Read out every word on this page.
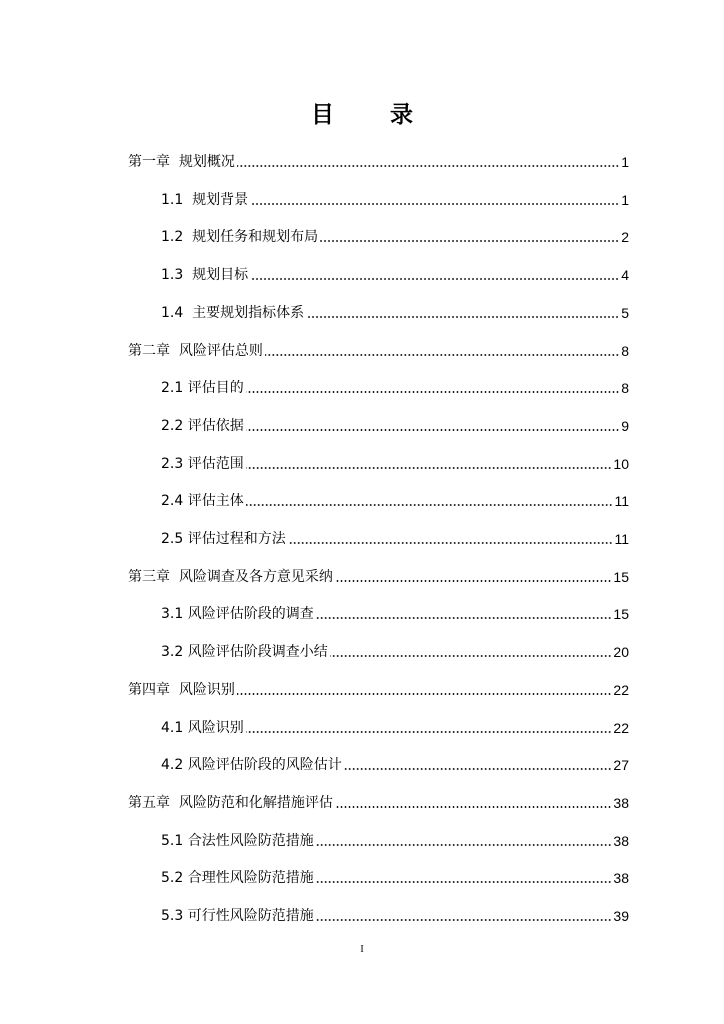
目 录
第一章  规划概况	1
1.1  规划背景	1
1.2  规划任务和规划布局	2
1.3  规划目标	4
1.4  主要规划指标体系	5
第二章  风险评估总则	8
2.1 评估目的	8
2.2 评估依据	9
2.3 评估范围	10
2.4 评估主体	11
2.5 评估过程和方法	11
第三章  风险调查及各方意见采纳	15
3.1 风险评估阶段的调查	15
3.2 风险评估阶段调查小结	20
第四章  风险识别	22
4.1 风险识别	22
4.2 风险评估阶段的风险估计	27
第五章  风险防范和化解措施评估	38
5.1 合法性风险防范措施	38
5.2 合理性风险防范措施	38
5.3 可行性风险防范措施	39
I
